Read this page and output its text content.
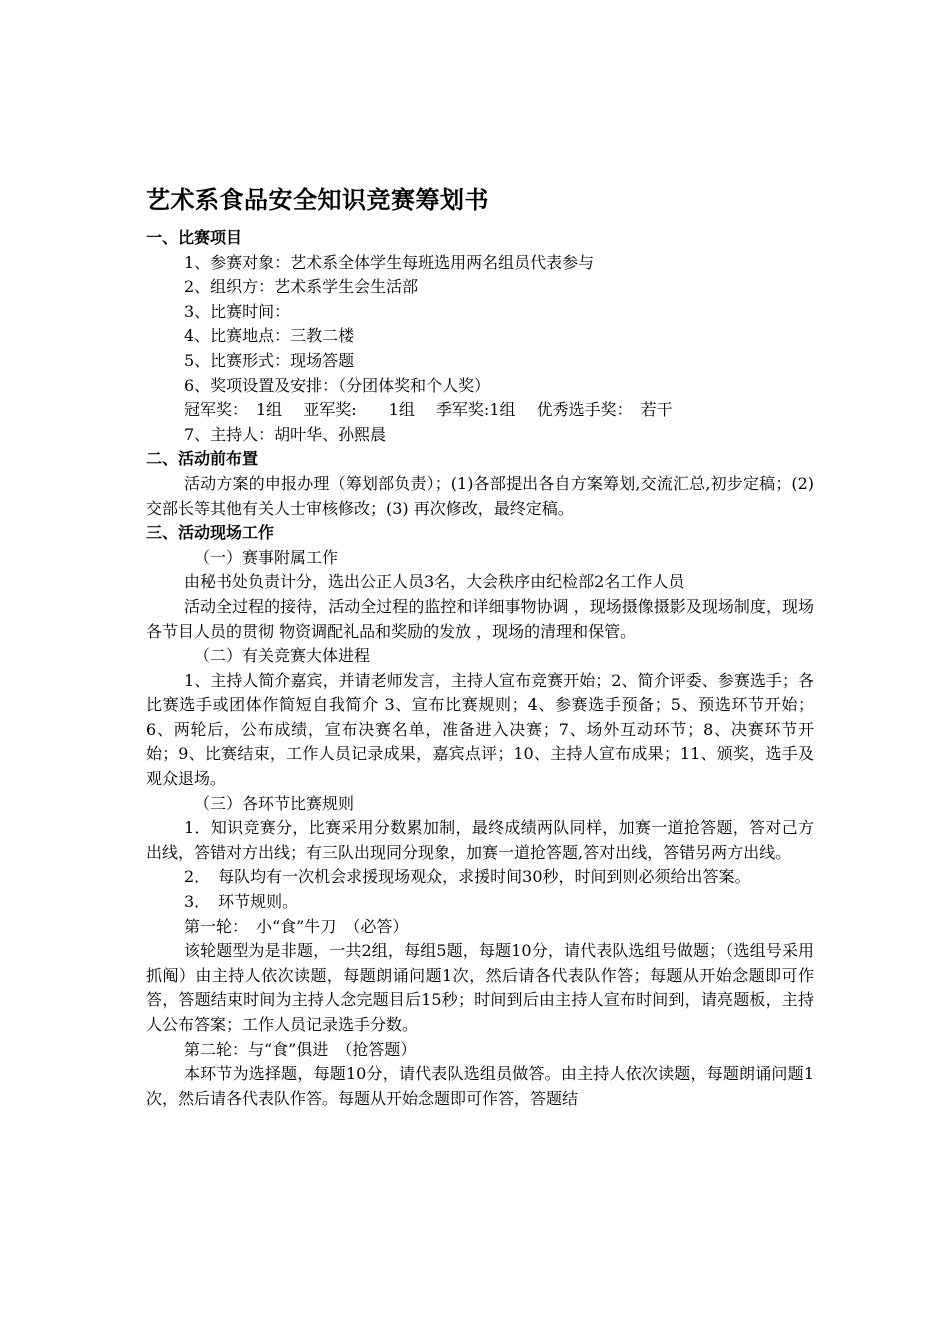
艺术系食品安全知识竞赛筹划书
一、比赛项目
1、参赛对象：艺术系全体学生每班选用两名组员代表参与
2、组织方：艺术系学生会生活部
3、比赛时间：
4、比赛地点：三教二楼
5、比赛形式：现场答题
6、奖项设置及安排：（分团体奖和个人奖）
冠军奖：　1组　 亚军奖:　　1组　 季军奖:1组　 优秀选手奖：　若干
7、主持人：胡叶华、孙熙晨
二、活动前布置
活动方案的申报办理（筹划部负责）；(1)各部提出各自方案筹划,交流汇总,初步定稿；(2) 交部长等其他有关人士审核修改；(3) 再次修改，最终定稿。
三、活动现场工作
（一）赛事附属工作
由秘书处负责计分，选出公正人员3名，大会秩序由纪检部2名工作人员
活动全过程的接待，活动全过程的监控和详细事物协调 ，现场摄像摄影及现场制度，现场各节目人员的贯彻 物资调配礼品和奖励的发放 ，现场的清理和保管。
（二）有关竞赛大体进程
1、主持人简介嘉宾，并请老师发言，主持人宣布竞赛开始；2、简介评委、参赛选手；各比赛选手或团体作简短自我简介 3、宣布比赛规则；4、参赛选手预备；5、预选环节开始；6、两轮后，公布成绩，宣布决赛名单，准备进入决赛；7、场外互动环节；8、决赛环节开始；9、比赛结束，工作人员记录成果，嘉宾点评；10、主持人宣布成果；11、颁奖，选手及观众退场。
（三）各环节比赛规则
1．知识竞赛分，比赛采用分数累加制，最终成绩两队同样，加赛一道抢答题，答对己方出线，答错对方出线；有三队出现同分现象，加赛一道抢答题,答对出线，答错另两方出线。
2．　每队均有一次机会求援现场观众，求援时间30秒，时间到则必须给出答案。
3．　环节规则。
第一轮：　小“食”牛刀　（必答）
该轮题型为是非题，一共2组，每组5题，每题10分，请代表队选组号做题；（选组号采用抓阄）由主持人依次读题，每题朗诵问题1次，然后请各代表队作答；每题从开始念题即可作答，答题结束时间为主持人念完题目后15秒；时间到后由主持人宣布时间到，请亮题板，主持人公布答案；工作人员记录选手分数。
第二轮：与“食”俱进　（抢答题）
本环节为选择题，每题10分，请代表队选组员做答。由主持人依次读题，每题朗诵问题1次，然后请各代表队作答。每题从开始念题即可作答，答题结
